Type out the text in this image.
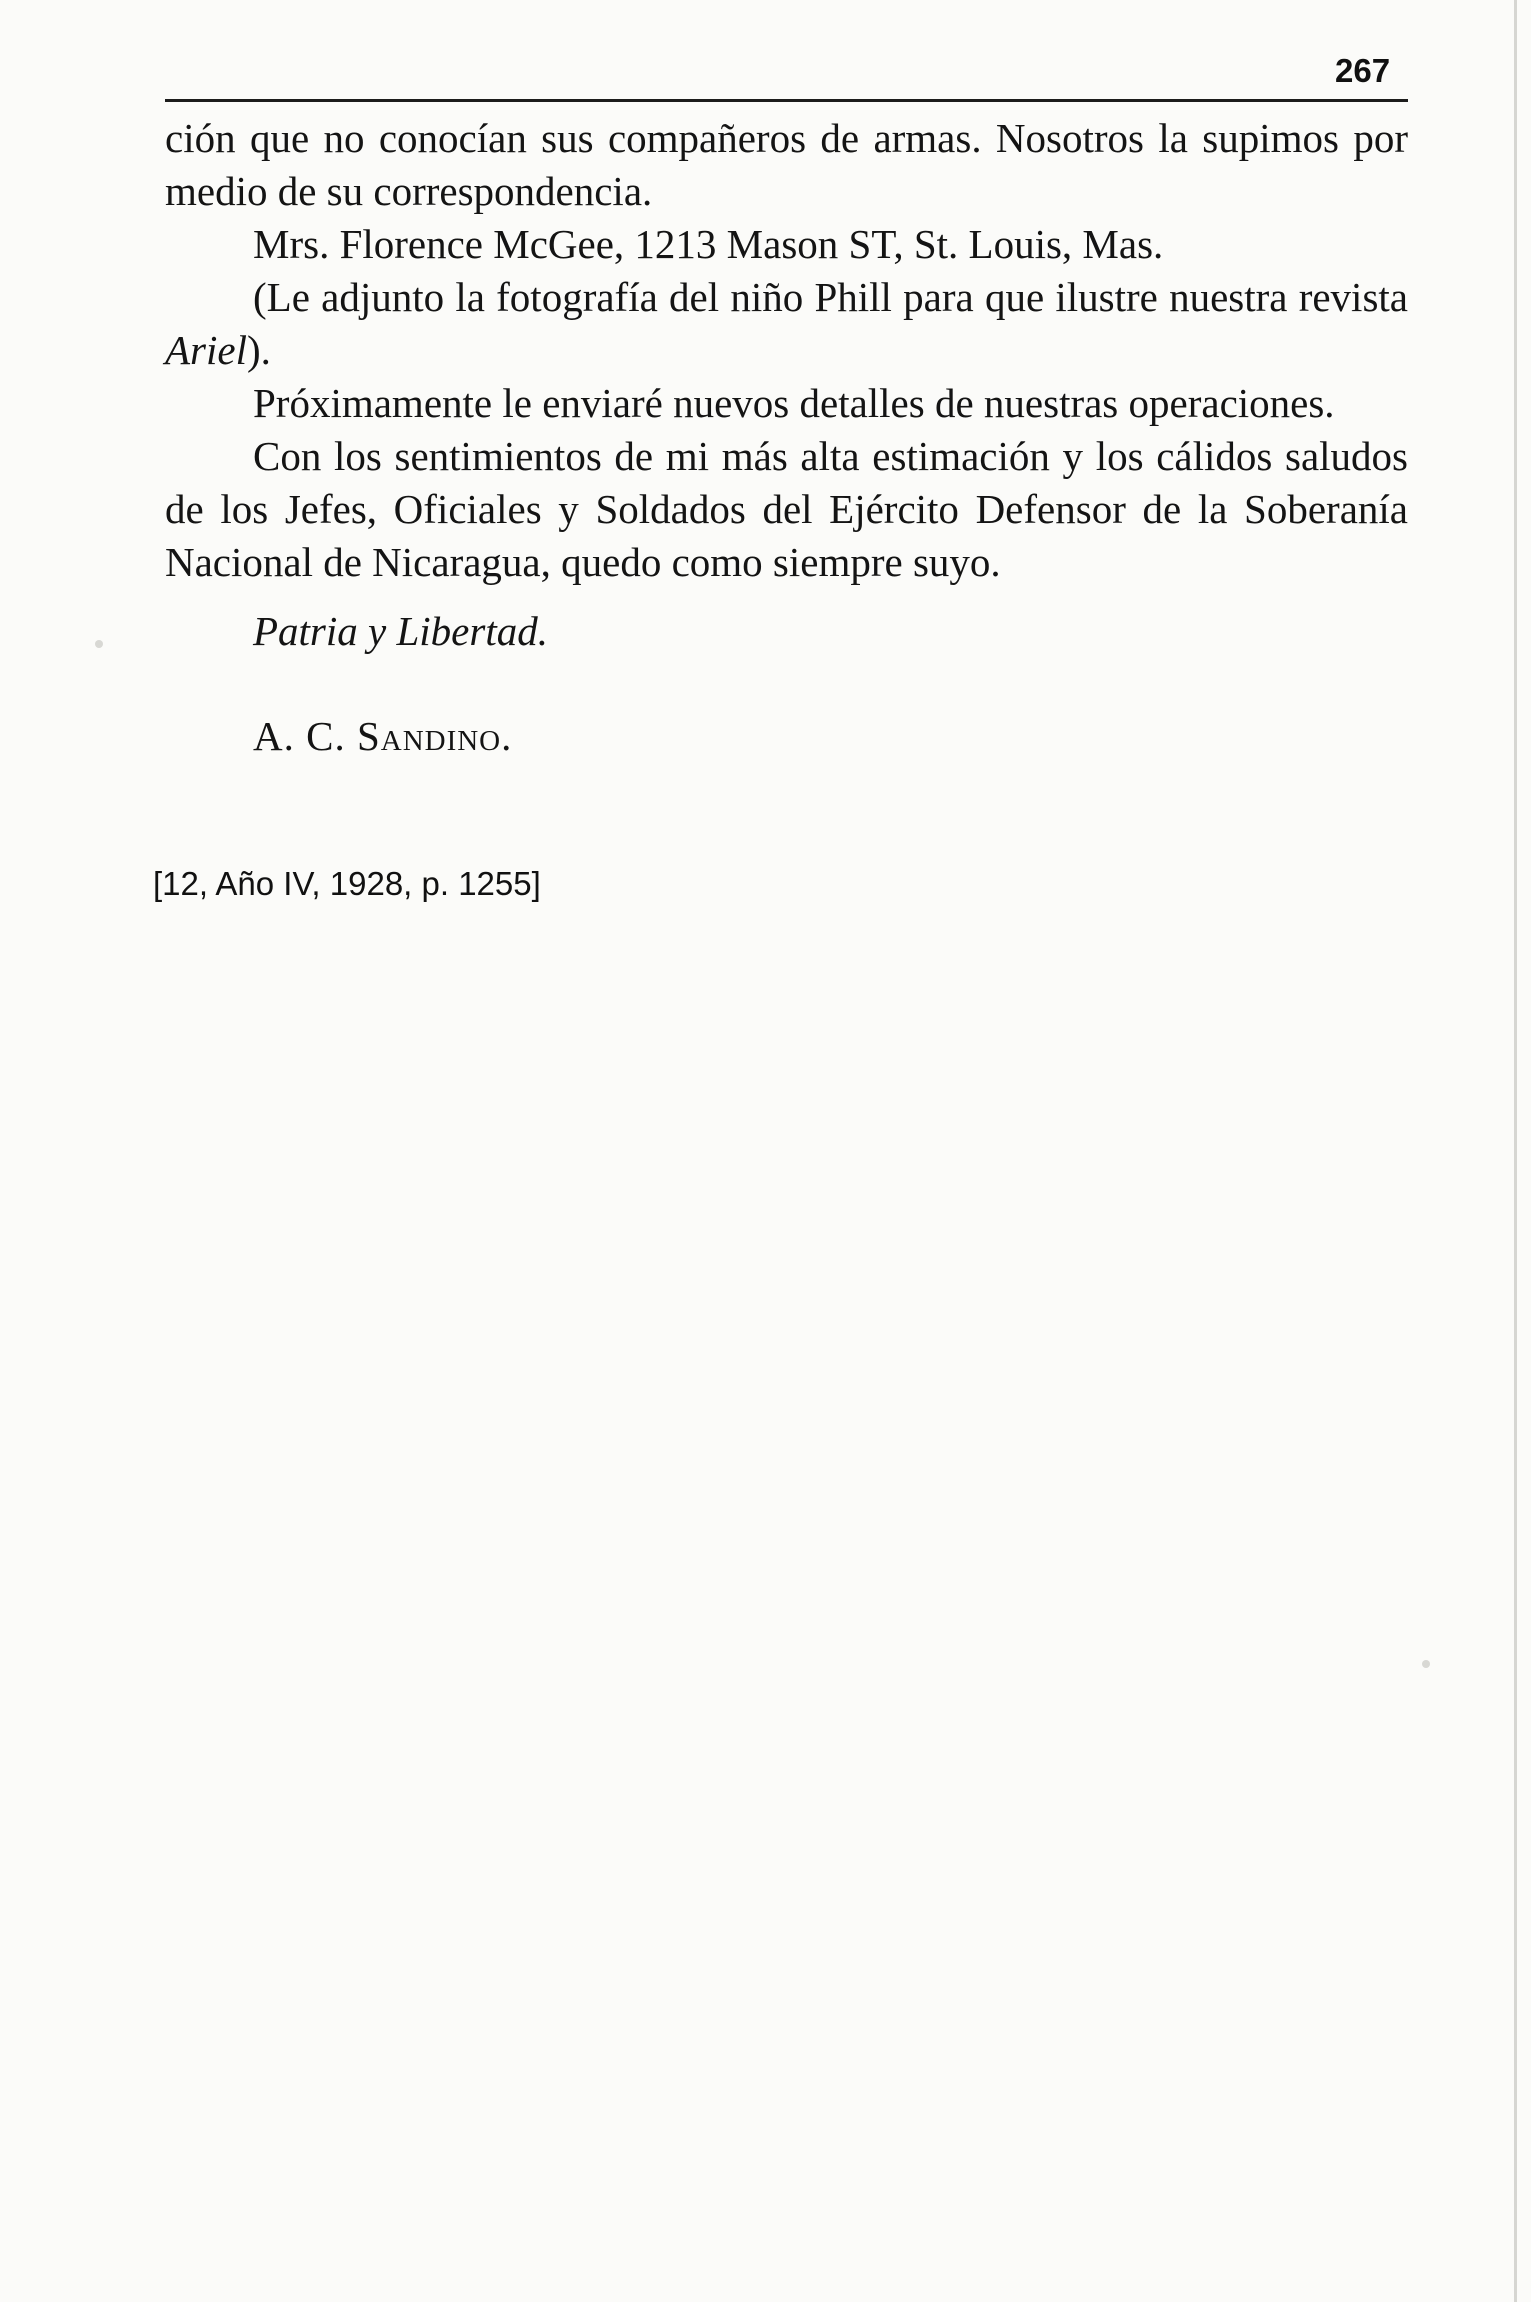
267

ción que no conocían sus compañeros de armas. Nosotros la supimos por medio de su correspondencia.

Mrs. Florence McGee, 1213 Mason ST, St. Louis, Mas.

(Le adjunto la fotografía del niño Phill para que ilustre nuestra revista Ariel).

Próximamente le enviaré nuevos detalles de nuestras operaciones.

Con los sentimientos de mi más alta estimación y los cálidos saludos de los Jefes, Oficiales y Soldados del Ejército Defensor de la Soberanía Nacional de Nicaragua, quedo como siempre suyo.

Patria y Libertad.
A. C. Sandino.
[12, Año IV, 1928, p. 1255]
